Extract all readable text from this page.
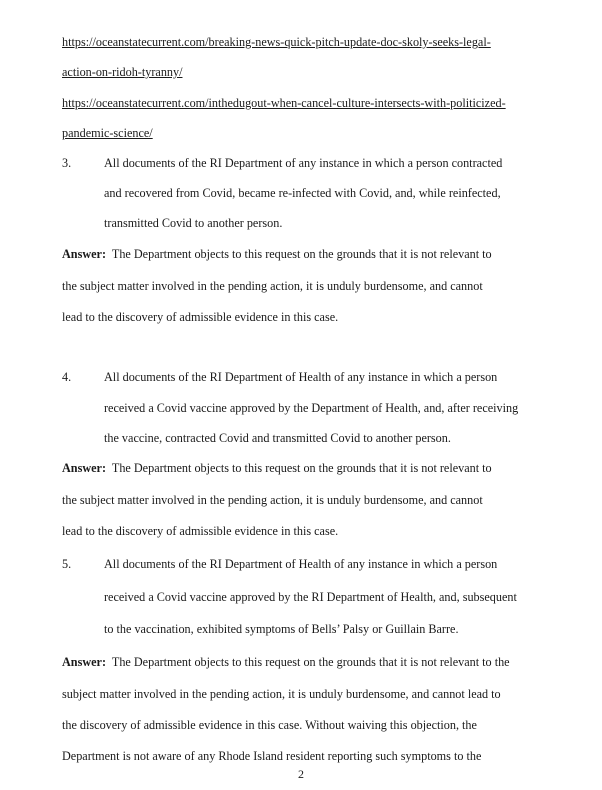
https://oceanstatecurrent.com/breaking-news-quick-pitch-update-doc-skoly-seeks-legal-
action-on-ridoh-tyranny/
https://oceanstatecurrent.com/inthedugout-when-cancel-culture-intersects-with-politicized-
pandemic-science/
3.	All documents of the RI Department of any instance in which a person contracted
and recovered from Covid, became re-infected with Covid, and, while reinfected,
transmitted Covid to another person.
Answer: The Department objects to this request on the grounds that it is not relevant to
the subject matter involved in the pending action, it is unduly burdensome, and cannot
lead to the discovery of admissible evidence in this case.
4.	All documents of the RI Department of Health of any instance in which a person
received a Covid vaccine approved by the Department of Health, and, after receiving
the vaccine, contracted Covid and transmitted Covid to another person.
Answer: The Department objects to this request on the grounds that it is not relevant to
the subject matter involved in the pending action, it is unduly burdensome, and cannot
lead to the discovery of admissible evidence in this case.
5.	All documents of the RI Department of Health of any instance in which a person
received a Covid vaccine approved by the RI Department of Health, and, subsequent
to the vaccination, exhibited symptoms of Bells’ Palsy or Guillain Barre.
Answer: The Department objects to this request on the grounds that it is not relevant to the
subject matter involved in the pending action, it is unduly burdensome, and cannot lead to
the discovery of admissible evidence in this case. Without waiving this objection, the
Department is not aware of any Rhode Island resident reporting such symptoms to the
2
